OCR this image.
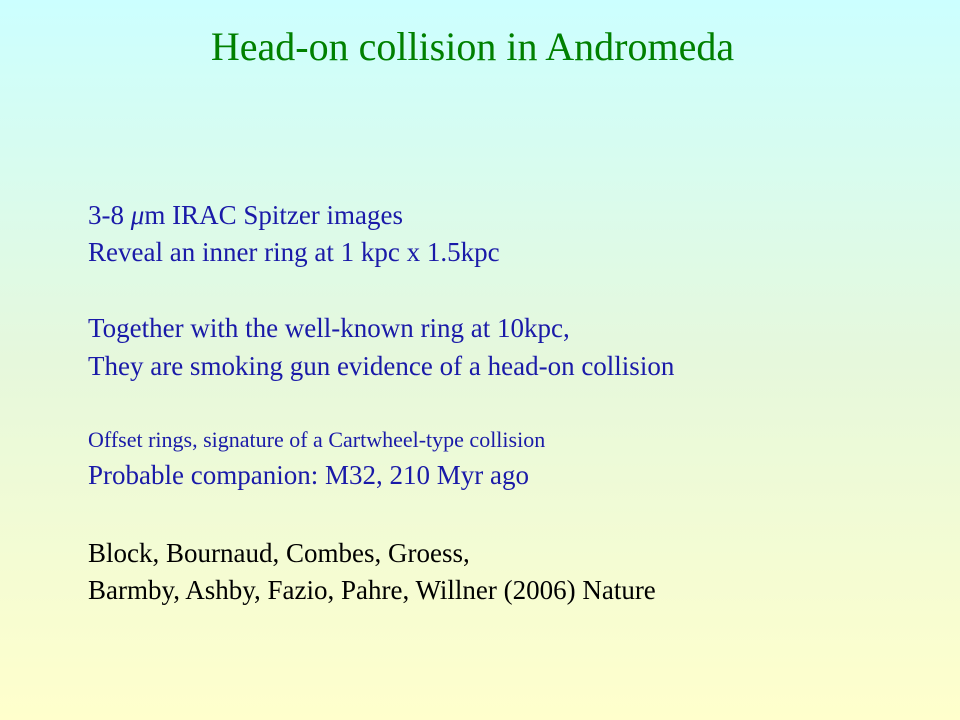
Head-on collision in Andromeda

3-8 μm IRAC Spitzer images

Reveal an inner ring at 1 kpc x 1.5kpc

Together with the well-known ring at 10kpc,

They are smoking gun evidence of a head-on collision

Offset rings, signature of a Cartwheel-type collision

Probable companion: M32, 210 Myr ago

Block, Bournaud, Combes, Groess,

Barmby, Ashby, Fazio, Pahre, Willner (2006) Nature
